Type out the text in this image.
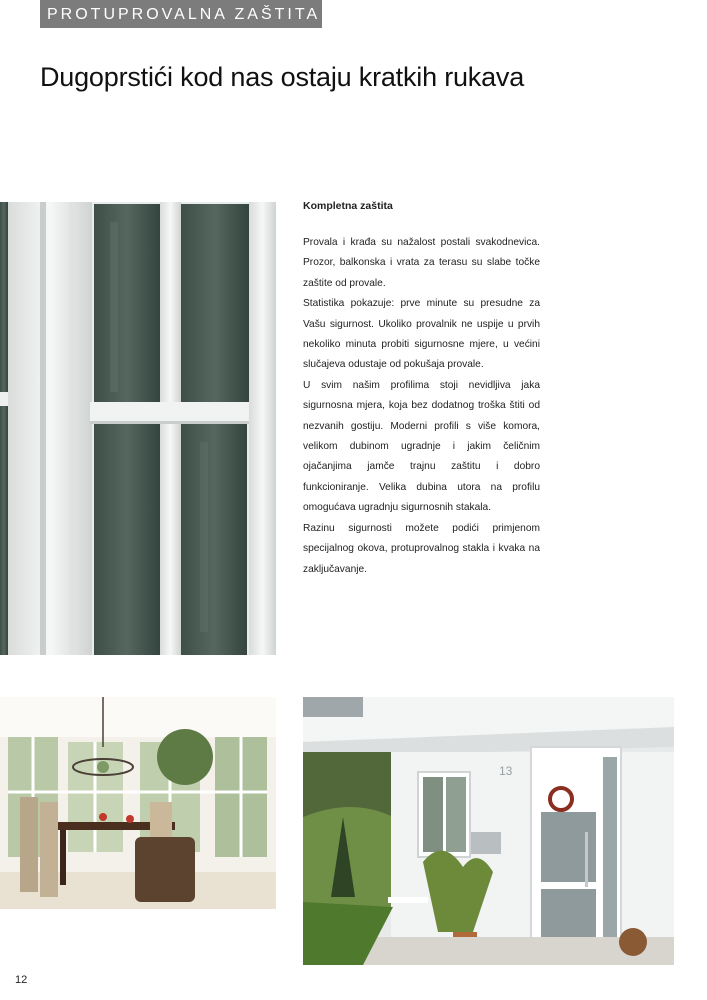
PROTUPROVALNA ZAŠTITA
Dugoprstići kod nas ostaju kratkih rukava
Kompletna zaštita

Provala i krađa su nažalost postali svakodnevica. Prozor, balkonska i vrata za terasu su slabe točke zaštite od provale.

Statistika pokazuje: prve minute su presudne za Vašu sigurnost. Ukoliko provalnik ne uspije u prvih nekoliko minuta probiti sigurnosne mjere, u većini slučajeva odustaje od pokušaja provale.

U svim našim profilima stoji nevidljiva jaka sigurnosna mjera, koja bez dodatnog troška štiti od nezvanih gostiju. Moderni profili s više komora, velikom dubinom ugradnje i jakim čeličnim ojačanjima jamče trajnu zaštitu i dobro funkcioniranje. Velika dubina utora na profilu omogućava ugradnju sigurnosnih stakala.

Razinu sigurnosti možete podići primjenom specijalnog okova, protuprovalnog stakla i kvaka na zaključavanje.

13
12
